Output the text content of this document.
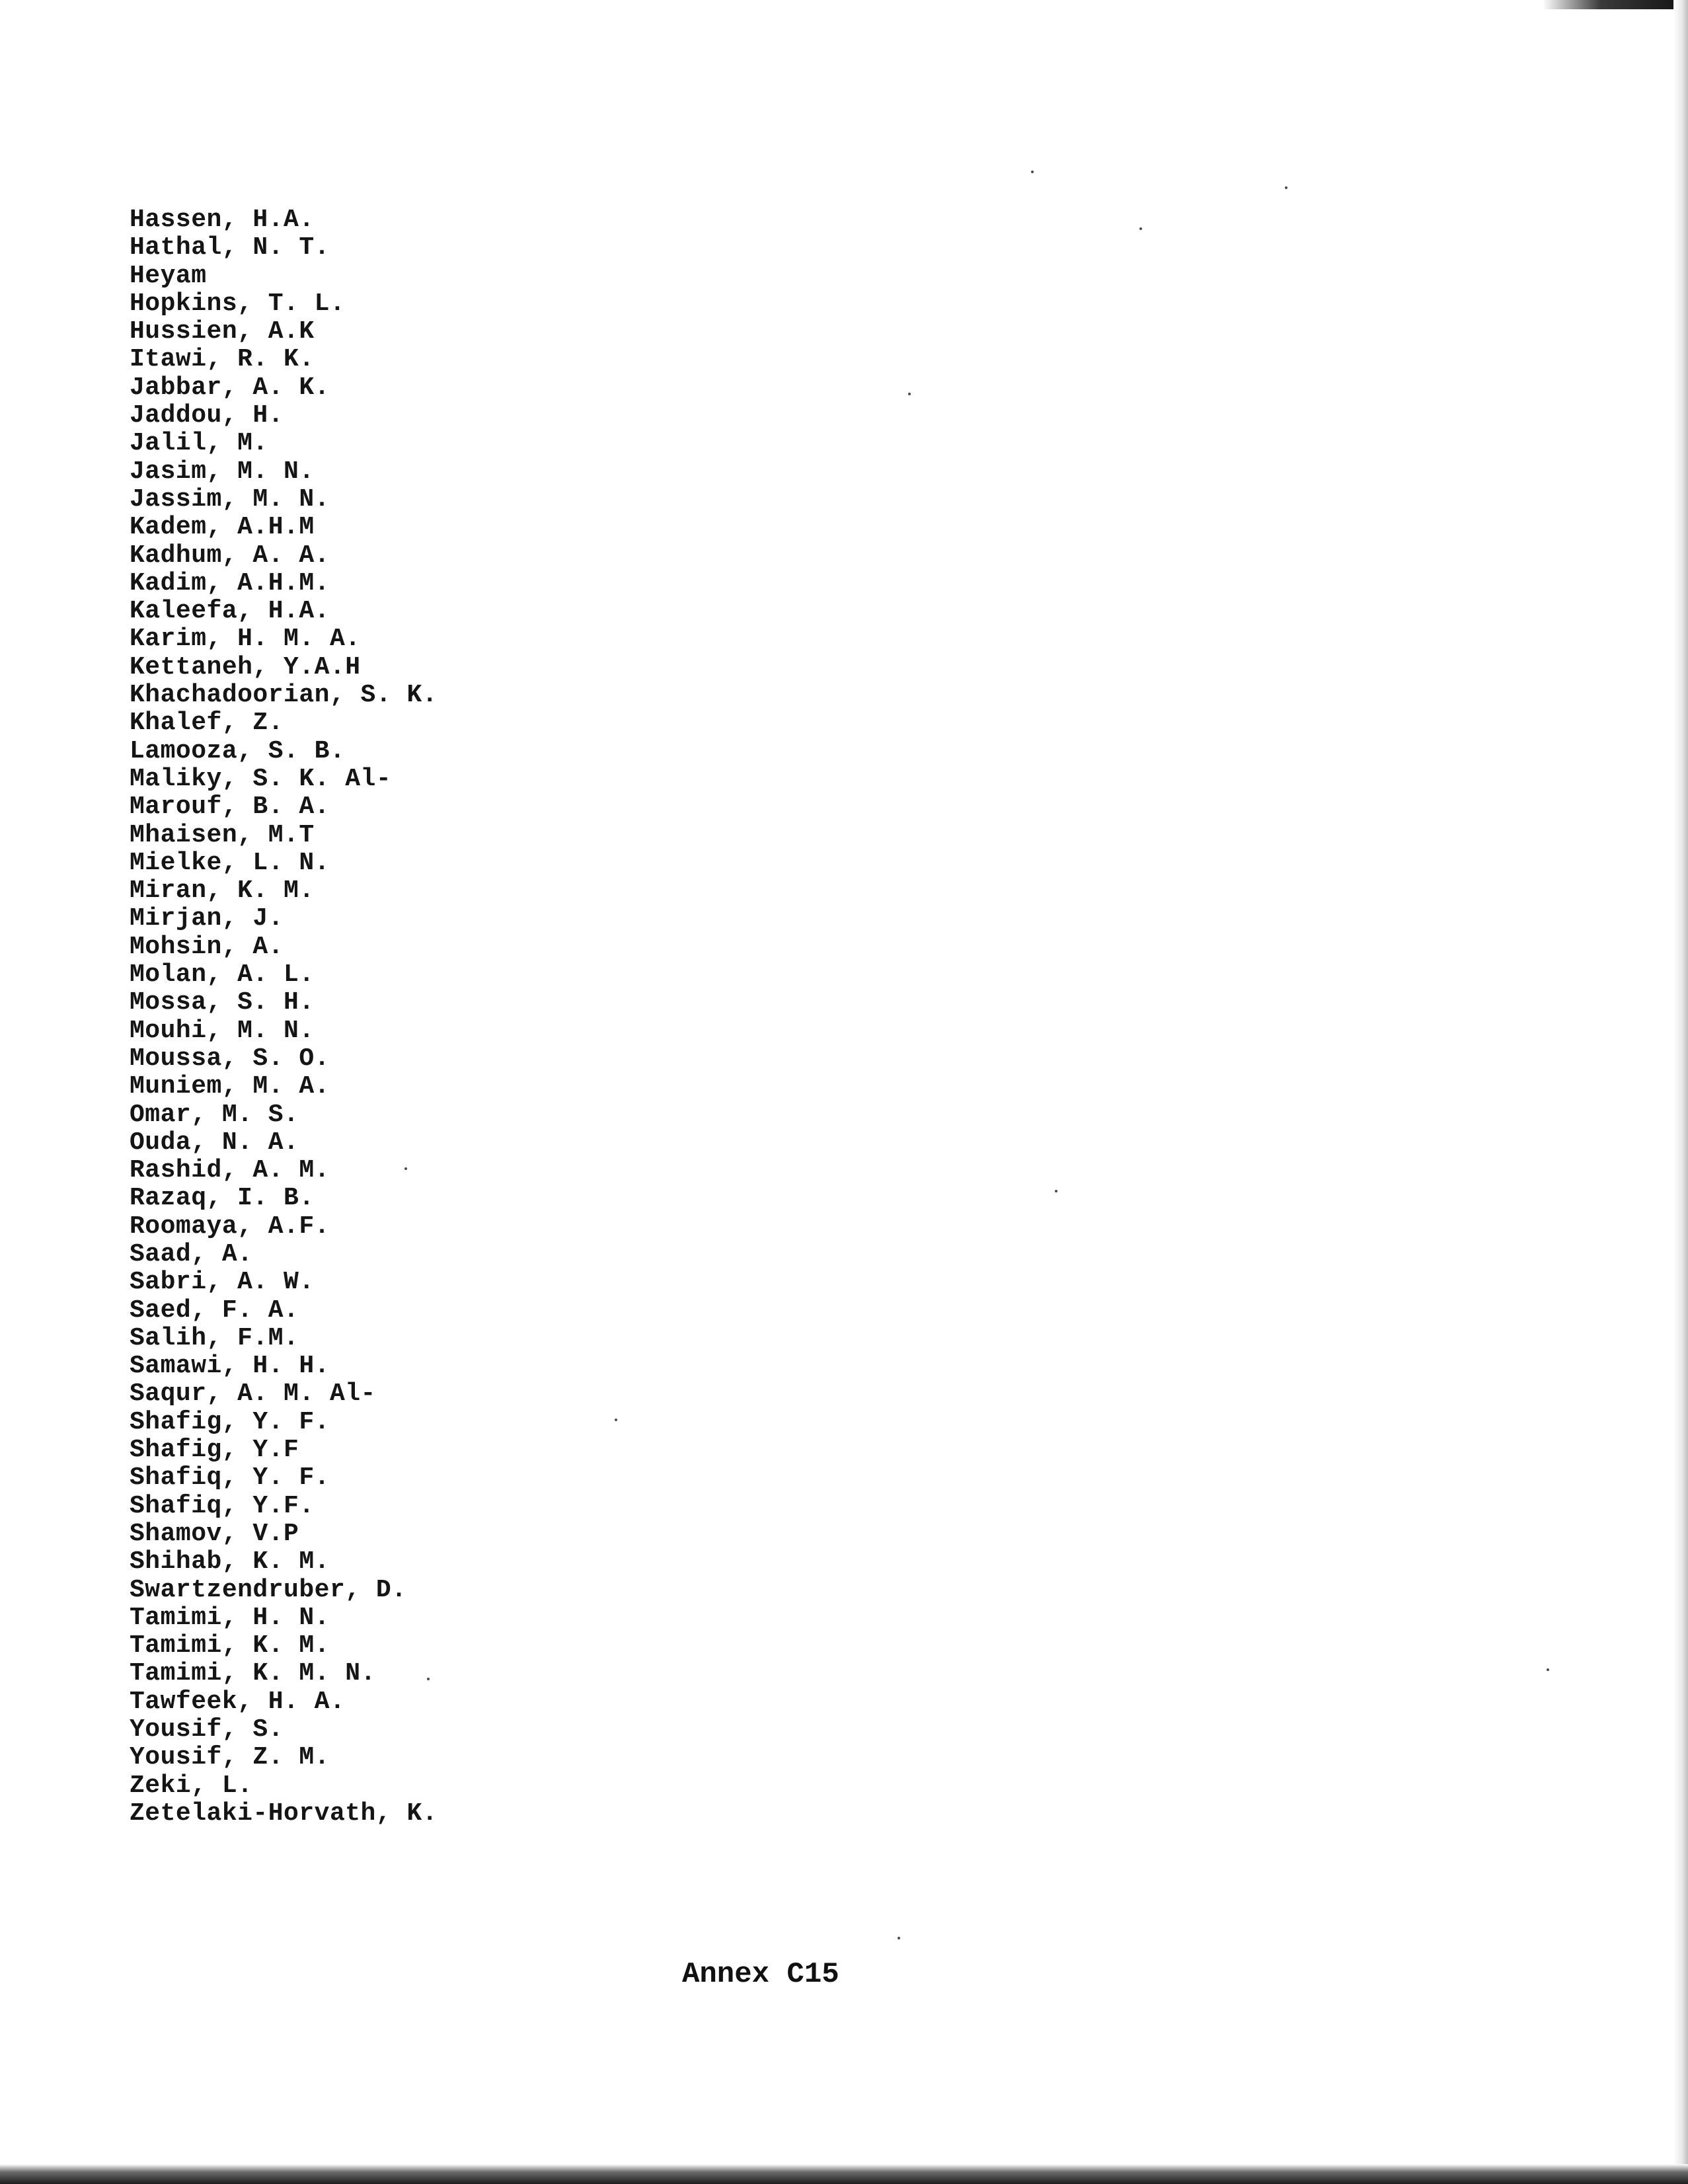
Hassen, H.A.
Hathal, N. T.
Heyam
Hopkins, T. L.
Hussien, A.K
Itawi, R. K.
Jabbar, A. K.
Jaddou, H.
Jalil, M.
Jasim, M. N.
Jassim, M. N.
Kadem, A.H.M
Kadhum, A. A.
Kadim, A.H.M.
Kaleefa, H.A.
Karim, H. M. A.
Kettaneh, Y.A.H
Khachadoorian, S. K.
Khalef, Z.
Lamooza, S. B.
Maliky, S. K. Al-
Marouf, B. A.
Mhaisen, M.T
Mielke, L. N.
Miran, K. M.
Mirjan, J.
Mohsin, A.
Molan, A. L.
Mossa, S. H.
Mouhi, M. N.
Moussa, S. O.
Muniem, M. A.
Omar, M. S.
Ouda, N. A.
Rashid, A. M.
Razaq, I. B.
Roomaya, A.F.
Saad, A.
Sabri, A. W.
Saed, F. A.
Salih, F.M.
Samawi, H. H.
Saqur, A. M. Al-
Shafig, Y. F.
Shafig, Y.F
Shafiq, Y. F.
Shafiq, Y.F.
Shamov, V.P
Shihab, K. M.
Swartzendruber, D.
Tamimi, H. N.
Tamimi, K. M.
Tamimi, K. M. N.
Tawfeek, H. A.
Yousif, S.
Yousif, Z. M.
Zeki, L.
Zetelaki-Horvath, K.
Annex C15
